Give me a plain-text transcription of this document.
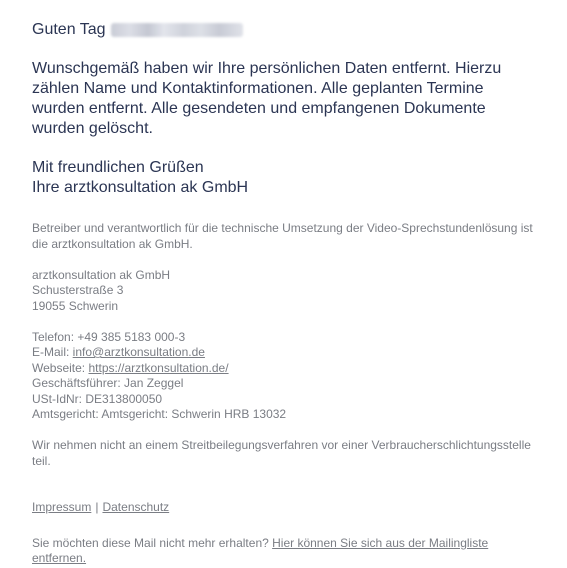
Guten Tag

Wunschgemäß haben wir Ihre persönlichen Daten entfernt. Hierzu zählen Name und Kontaktinformationen. Alle geplanten Termine wurden entfernt. Alle gesendeten und empfangenen Dokumente wurden gelöscht.

Mit freundlichen Grüßen
Ihre arztkonsultation ak GmbH

Betreiber und verantwortlich für die technische Umsetzung der Video-Sprechstundenlösung ist die arztkonsultation ak GmbH.

arztkonsultation ak GmbH
Schusterstraße 3
19055 Schwerin

Telefon: +49 385 5183 000-3
E-Mail: info@arztkonsultation.de
Webseite: https://arztkonsultation.de/
Geschäftsführer: Jan Zeggel
USt-IdNr: DE313800050
Amtsgericht: Amtsgericht: Schwerin HRB 13032

Wir nehmen nicht an einem Streitbeilegungsverfahren vor einer Verbraucherschlichtungsstelle teil.

Impressum | Datenschutz

Sie möchten diese Mail nicht mehr erhalten? Hier können Sie sich aus der Mailingliste entfernen.
